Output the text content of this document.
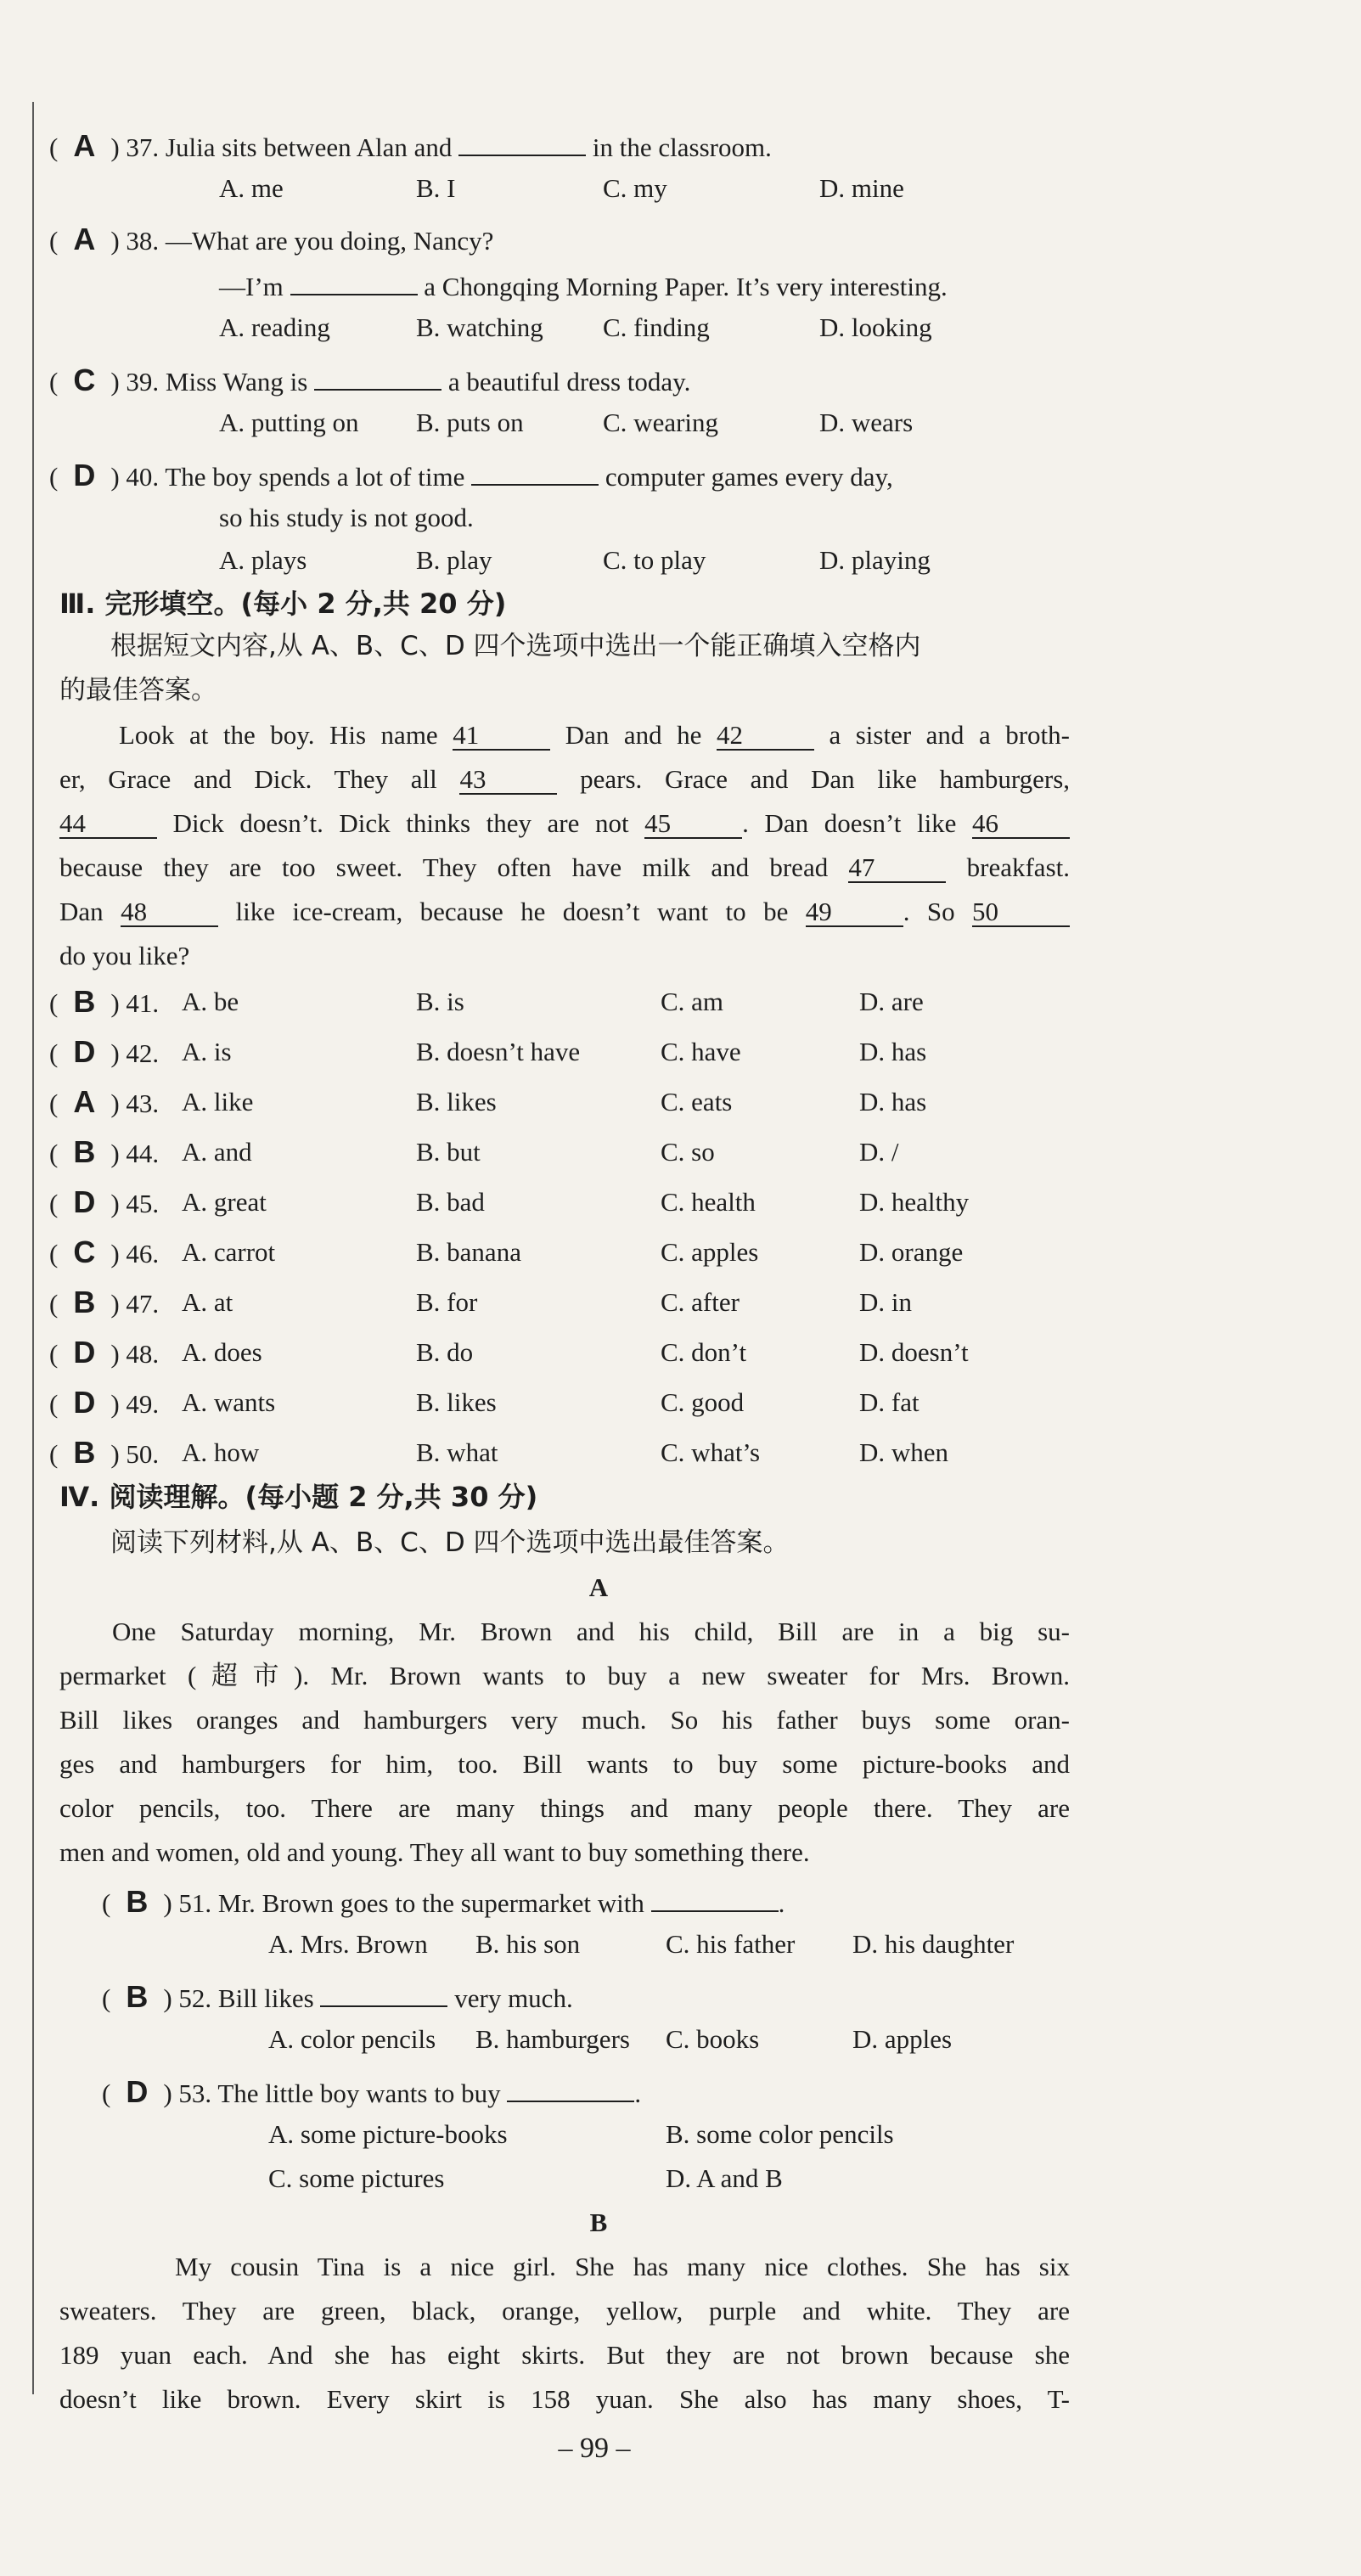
( A ) 37. Julia sits between Alan and	in the classroom.
A. me	B. I	C. my	D. mine
( A ) 38. —What are you doing, Nancy?
—I’m	a Chongqing Morning Paper. It’s very interesting.
A. reading	B. watching C. finding	D. looking
( C ) 39. Miss Wang is	a beautiful dress today.
A. putting on B. puts on	C. wearing	D. wears
( D ) 40. The boy spends a lot of time	computer games every day,
so his study is not good.
A. plays	B. play	C. to play	D. playing
Ⅲ. 完形填空。(每小 2 分,共 20 分)
根据短文内容,从 A、B、C、D 四个选项中选出一个能正确填入空格内
的最佳答案。
Look at the boy. His name 41	Dan and he 42	a sister and a broth-
er, Grace and Dick. They all 43	pears. Grace and Dan like hamburgers,
44	Dick doesn’t. Dick thinks they are not 45	. Dan doesn’t like 46
because they are too sweet. They often have milk and bread 47	breakfast.
Dan 48	like ice-cream, because he doesn’t want to be 49	. So 50
do you like?
( B ) 41. A. be	B. is	C. am	D. are
( D ) 42. A. is	B. doesn’t have	C. have	D. has
( A ) 43. A. like	B. likes	C. eats	D. has
( B ) 44. A. and	B. but	C. so	D. /
( D ) 45. A. great	B. bad	C. health	D. healthy
( C ) 46. A. carrot	B. banana	C. apples	D. orange
( B ) 47. A. at	B. for	C. after	D. in
( D ) 48. A. does	B. do	C. don’t	D. doesn’t
( D ) 49. A. wants	B. likes	C. good	D. fat
( B ) 50. A. how	B. what	C. what’s	D. when
Ⅳ. 阅读理解。(每小题 2 分,共 30 分)
阅读下列材料,从 A、B、C、D 四个选项中选出最佳答案。
A
One Saturday morning, Mr. Brown and his child, Bill are in a big su-
permarket (超市). Mr. Brown wants to buy a new sweater for Mrs. Brown.
Bill likes oranges and hamburgers very much. So his father buys some oran-
ges and hamburgers for him, too. Bill wants to buy some picture-books and
color pencils, too. There are many things and many people there. They are
men and women, old and young. They all want to buy something there.
( B ) 51. Mr. Brown goes to the supermarket with	.
A. Mrs. Brown B. his son	C. his father D. his daughter
( B ) 52. Bill likes	very much.
A. color pencils B. hamburgers C. books	D. apples
( D ) 53. The little boy wants to buy	.
A. some picture-books	B. some color pencils
C. some pictures	D. A and B
B
My cousin Tina is a nice girl. She has many nice clothes. She has six
sweaters. They are green, black, orange, yellow, purple and white. They are
189 yuan each. And she has eight skirts. But they are not brown because she
doesn’t like brown. Every skirt is 158 yuan. She also has many shoes, T-
– 99 –
